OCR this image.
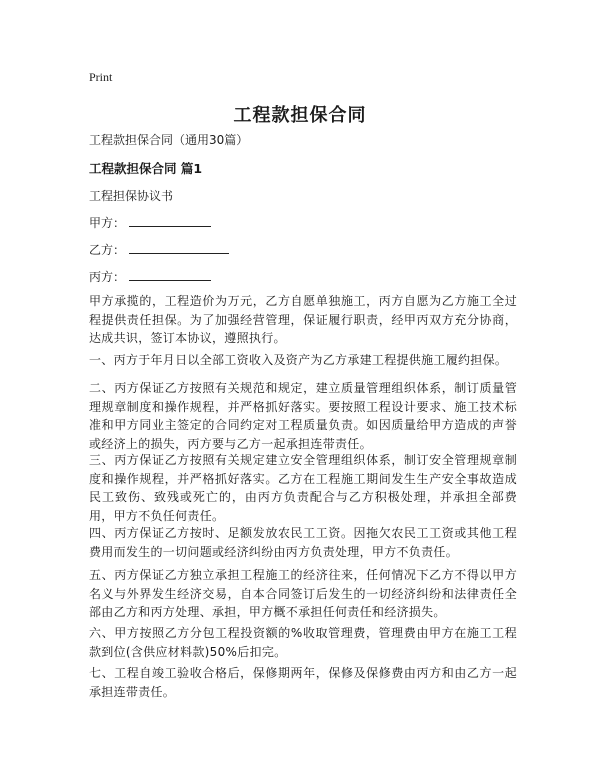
Print
工程款担保合同
工程款担保合同（通用30篇）
工程款担保合同 篇1
工程担保协议书
甲方：
乙方：
丙方：
甲方承揽的，工程造价为万元，乙方自愿单独施工，丙方自愿为乙方施工全过程提供责任担保。为了加强经营管理，保证履行职责，经甲丙双方充分协商，达成共识，签订本协议，遵照执行。
一、丙方于年月日以全部工资收入及资产为乙方承建工程提供施工履约担保。
二、丙方保证乙方按照有关规范和规定，建立质量管理组织体系，制订质量管理规章制度和操作规程，并严格抓好落实。要按照工程设计要求、施工技术标准和甲方同业主签定的合同约定对工程质量负责。如因质量给甲方造成的声誉或经济上的损失，丙方要与乙方一起承担连带责任。
三、丙方保证乙方按照有关规定建立安全管理组织体系，制订安全管理规章制度和操作规程，并严格抓好落实。乙方在工程施工期间发生生产安全事故造成民工致伤、致残或死亡的，由丙方负责配合与乙方积极处理，并承担全部费用，甲方不负任何责任。
四、丙方保证乙方按时、足额发放农民工工资。因拖欠农民工工资或其他工程费用而发生的一切问题或经济纠纷由丙方负责处理，甲方不负责任。
五、丙方保证乙方独立承担工程施工的经济往来，任何情况下乙方不得以甲方名义与外界发生经济交易，自本合同签订后发生的一切经济纠纷和法律责任全部由乙方和丙方处理、承担，甲方概不承担任何责任和经济损失。
六、甲方按照乙方分包工程投资额的%收取管理费，管理费由甲方在施工工程款到位(含供应材料款)50%后扣完。
七、工程自竣工验收合格后，保修期两年，保修及保修费由丙方和由乙方一起承担连带责任。
